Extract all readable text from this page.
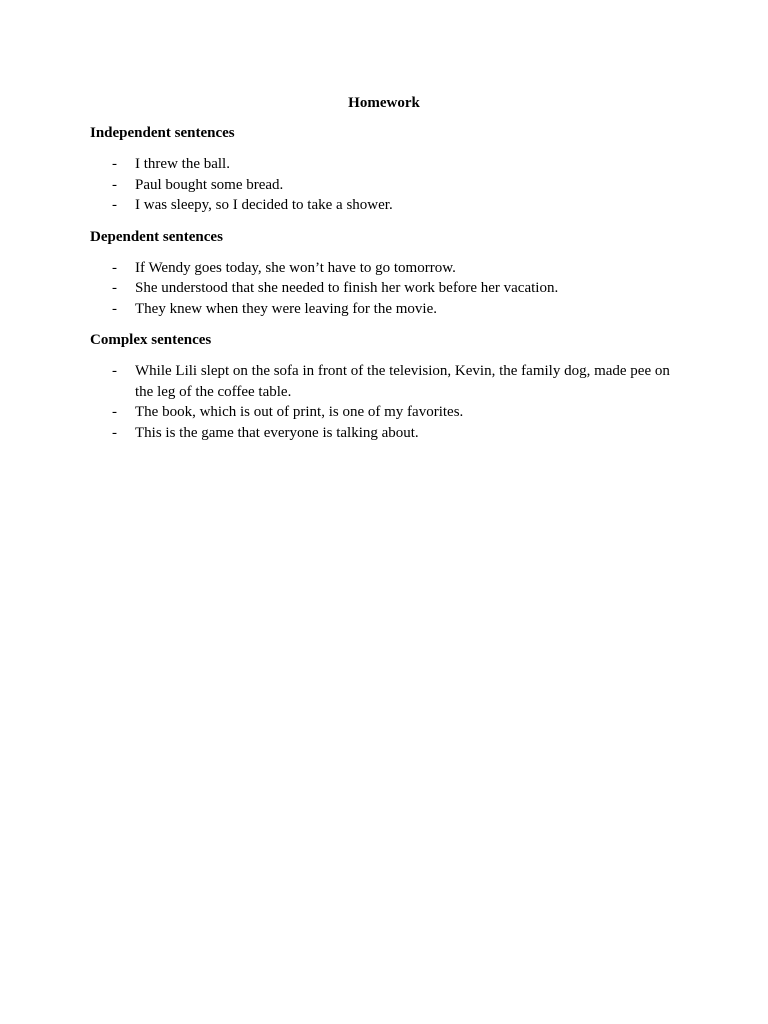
Homework
Independent sentences
- I threw the ball.
- Paul bought some bread.
- I was sleepy, so I decided to take a shower.
Dependent sentences
- If Wendy goes today, she won’t have to go tomorrow.
- She understood that she needed to finish her work before her vacation.
- They knew when they were leaving for the movie.
Complex sentences
- While Lili slept on the sofa in front of the television, Kevin, the family dog, made pee on the leg of the coffee table.
- The book, which is out of print, is one of my favorites.
- This is the game that everyone is talking about.
